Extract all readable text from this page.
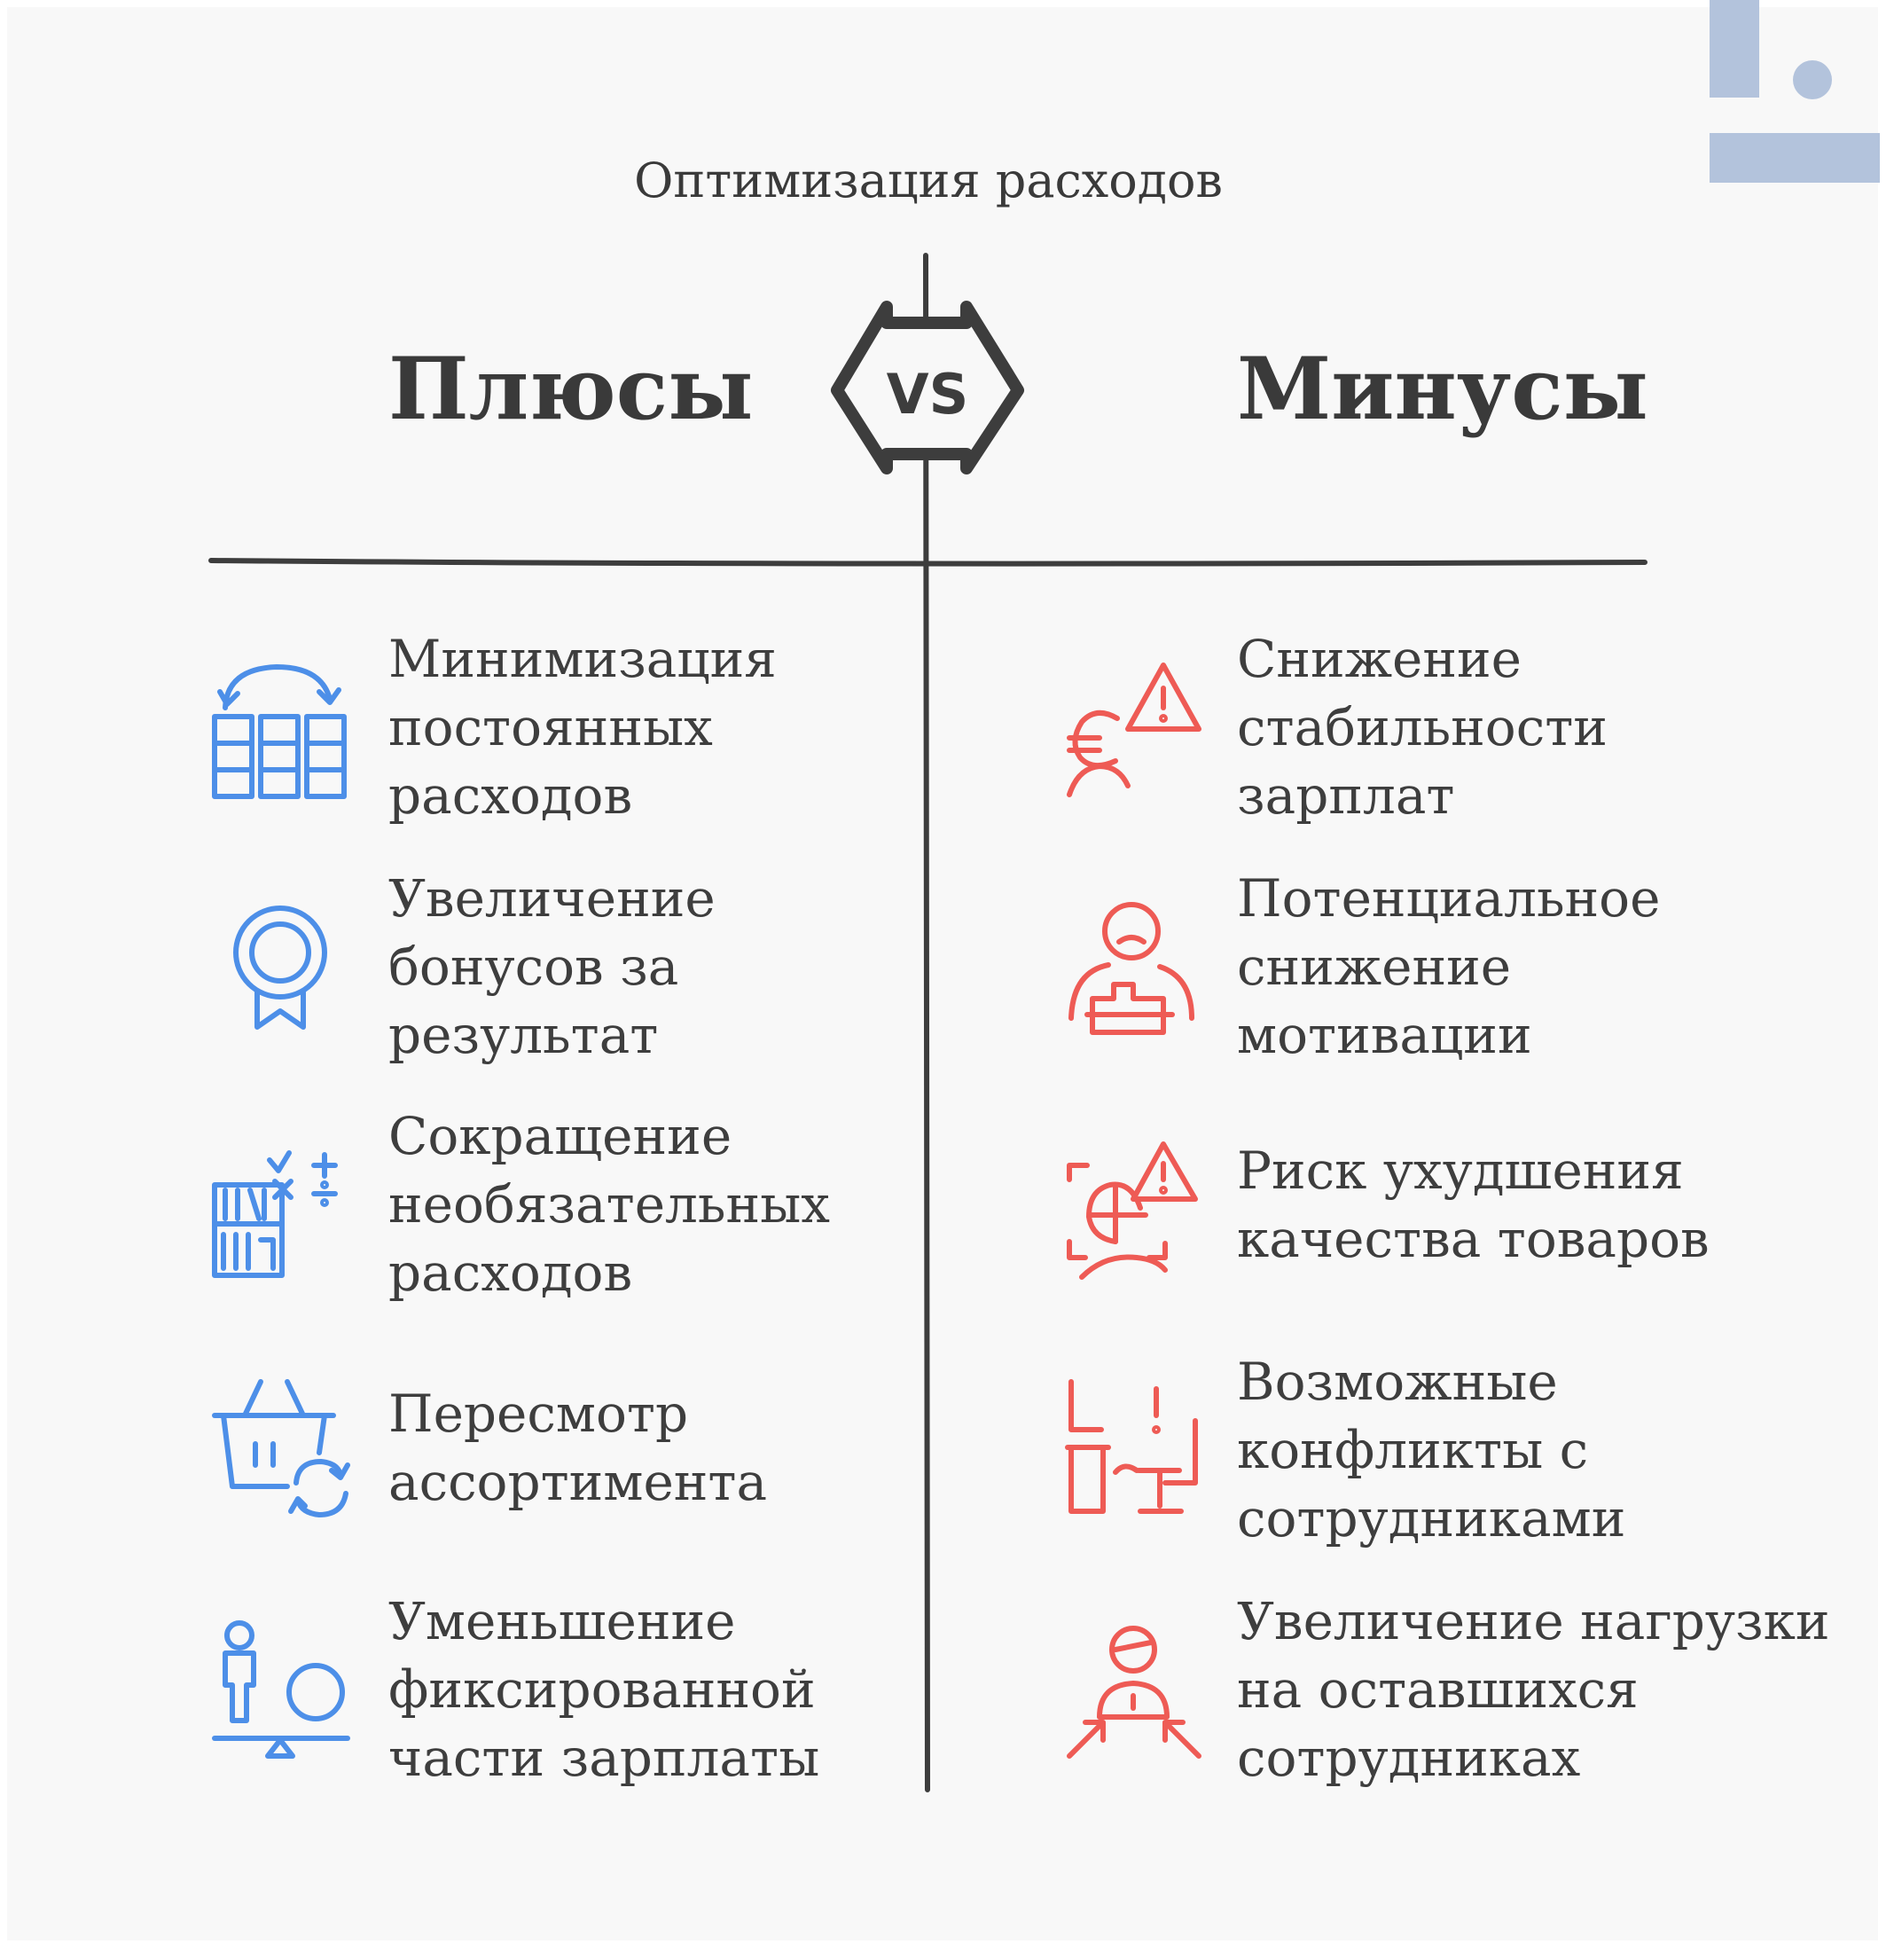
Оптимизация расходов
Плюсы	Минусы
VS
Минимизация
постоянных
расходов
1
Увеличение
бонусов за
результат
Сокращение
необязательных
расходов
Пересмотр
ассортимента
$
Уменьшение
фиксированной
части зарплаты
Снижение
стабильности
зарплат
Потенциальное
снижение
мотивации
Риск ухудшения
качества товаров
Возможные
конфликты с
сотрудниками
Увеличение нагрузки
на оставшихся
сотрудниках
